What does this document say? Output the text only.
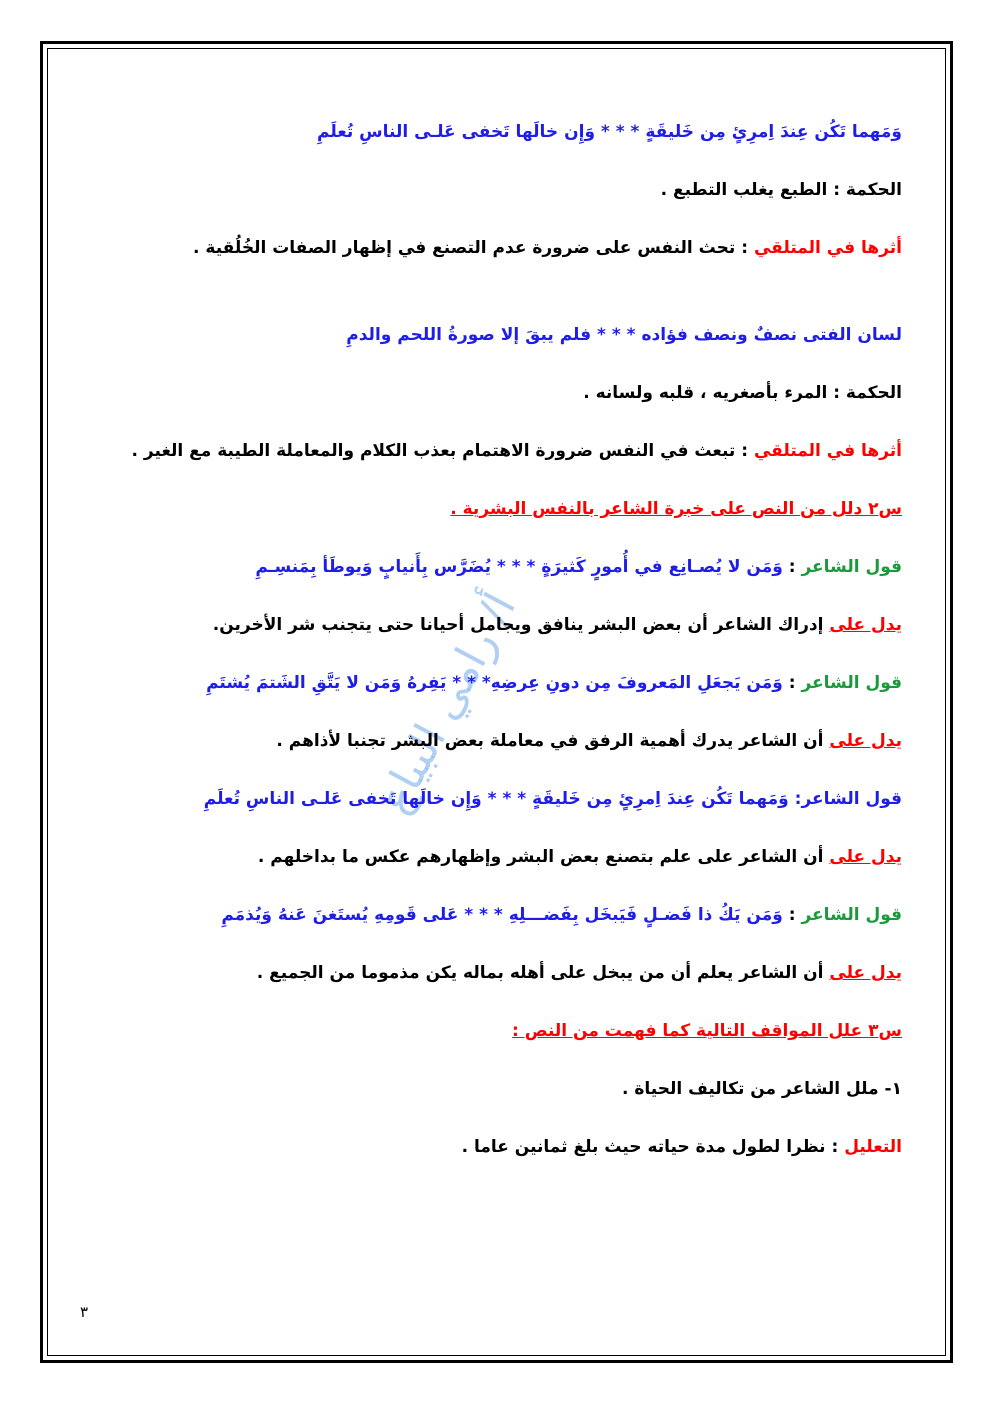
أ/ رامي البياع
وَمَهما تَكُن عِندَ اِمرِئٍ مِن خَليقَةٍ * * * وَإِن خالَها تَخفى عَلـى الناسِ تُعلَمِ
الحكمة : الطبع يغلب التطبع .
أثرها في المتلقي : تحث النفس على ضرورة عدم التصنع في إظهار الصفات الخُلُقية .
لسان الفتى نصفٌ ونصف فؤاده * * * فلم يبقَ إلا صورةُ اللحم والدمِ
الحكمة : المرء بأصغريه ، قلبه ولسانه .
أثرها في المتلقي : تبعث في النفس ضرورة الاهتمام بعذب الكلام والمعاملة الطيبة مع الغير .
س٢ دلل من النص على خبرة الشاعر بالنفس البشرية .
قول الشاعر : وَمَن لا يُصـانِع في أُمورٍ كَثيرَةٍ * * * يُضَرَّس بِأَنيابٍ وَيوطَأ بِمَنسِـمِ
يدل على إدراك الشاعر أن بعض البشر ينافق ويجامل أحيانا حتى يتجنب شر الأخرين.
قول الشاعر : وَمَن يَجعَلِ المَعروفَ مِن دونِ عِرضِهِ* * * يَفِرهُ وَمَن لا يَتَّقِ الشَتمَ يُشتَمِ
يدل على أن الشاعر يدرك أهمية الرفق في معاملة بعض البشر تجنبا لأذاهم .
قول الشاعر: وَمَهما تَكُن عِندَ اِمرِئٍ مِن خَليقَةٍ * * * وَإِن خالَها تَخفى عَلـى الناسِ تُعلَمِ
يدل على أن الشاعر على علم بتصنع بعض البشر وإظهارهم عكس ما بداخلهم .
قول الشاعر : وَمَن يَكُ ذا فَضـلٍ فَيَبخَل بِفَضـــلِهِ * * * عَلى قَومِهِ يُستَغنَ عَنهُ وَيُذمَمِ
يدل على أن الشاعر يعلم أن من يبخل على أهله بماله يكن مذموما من الجميع .
س٣ علل المواقف التالية كما فهمت من النص :
١- ملل الشاعر من تكاليف الحياة .
التعليل : نظرا لطول مدة حياته حيث بلغ ثمانين عاما .
٣
